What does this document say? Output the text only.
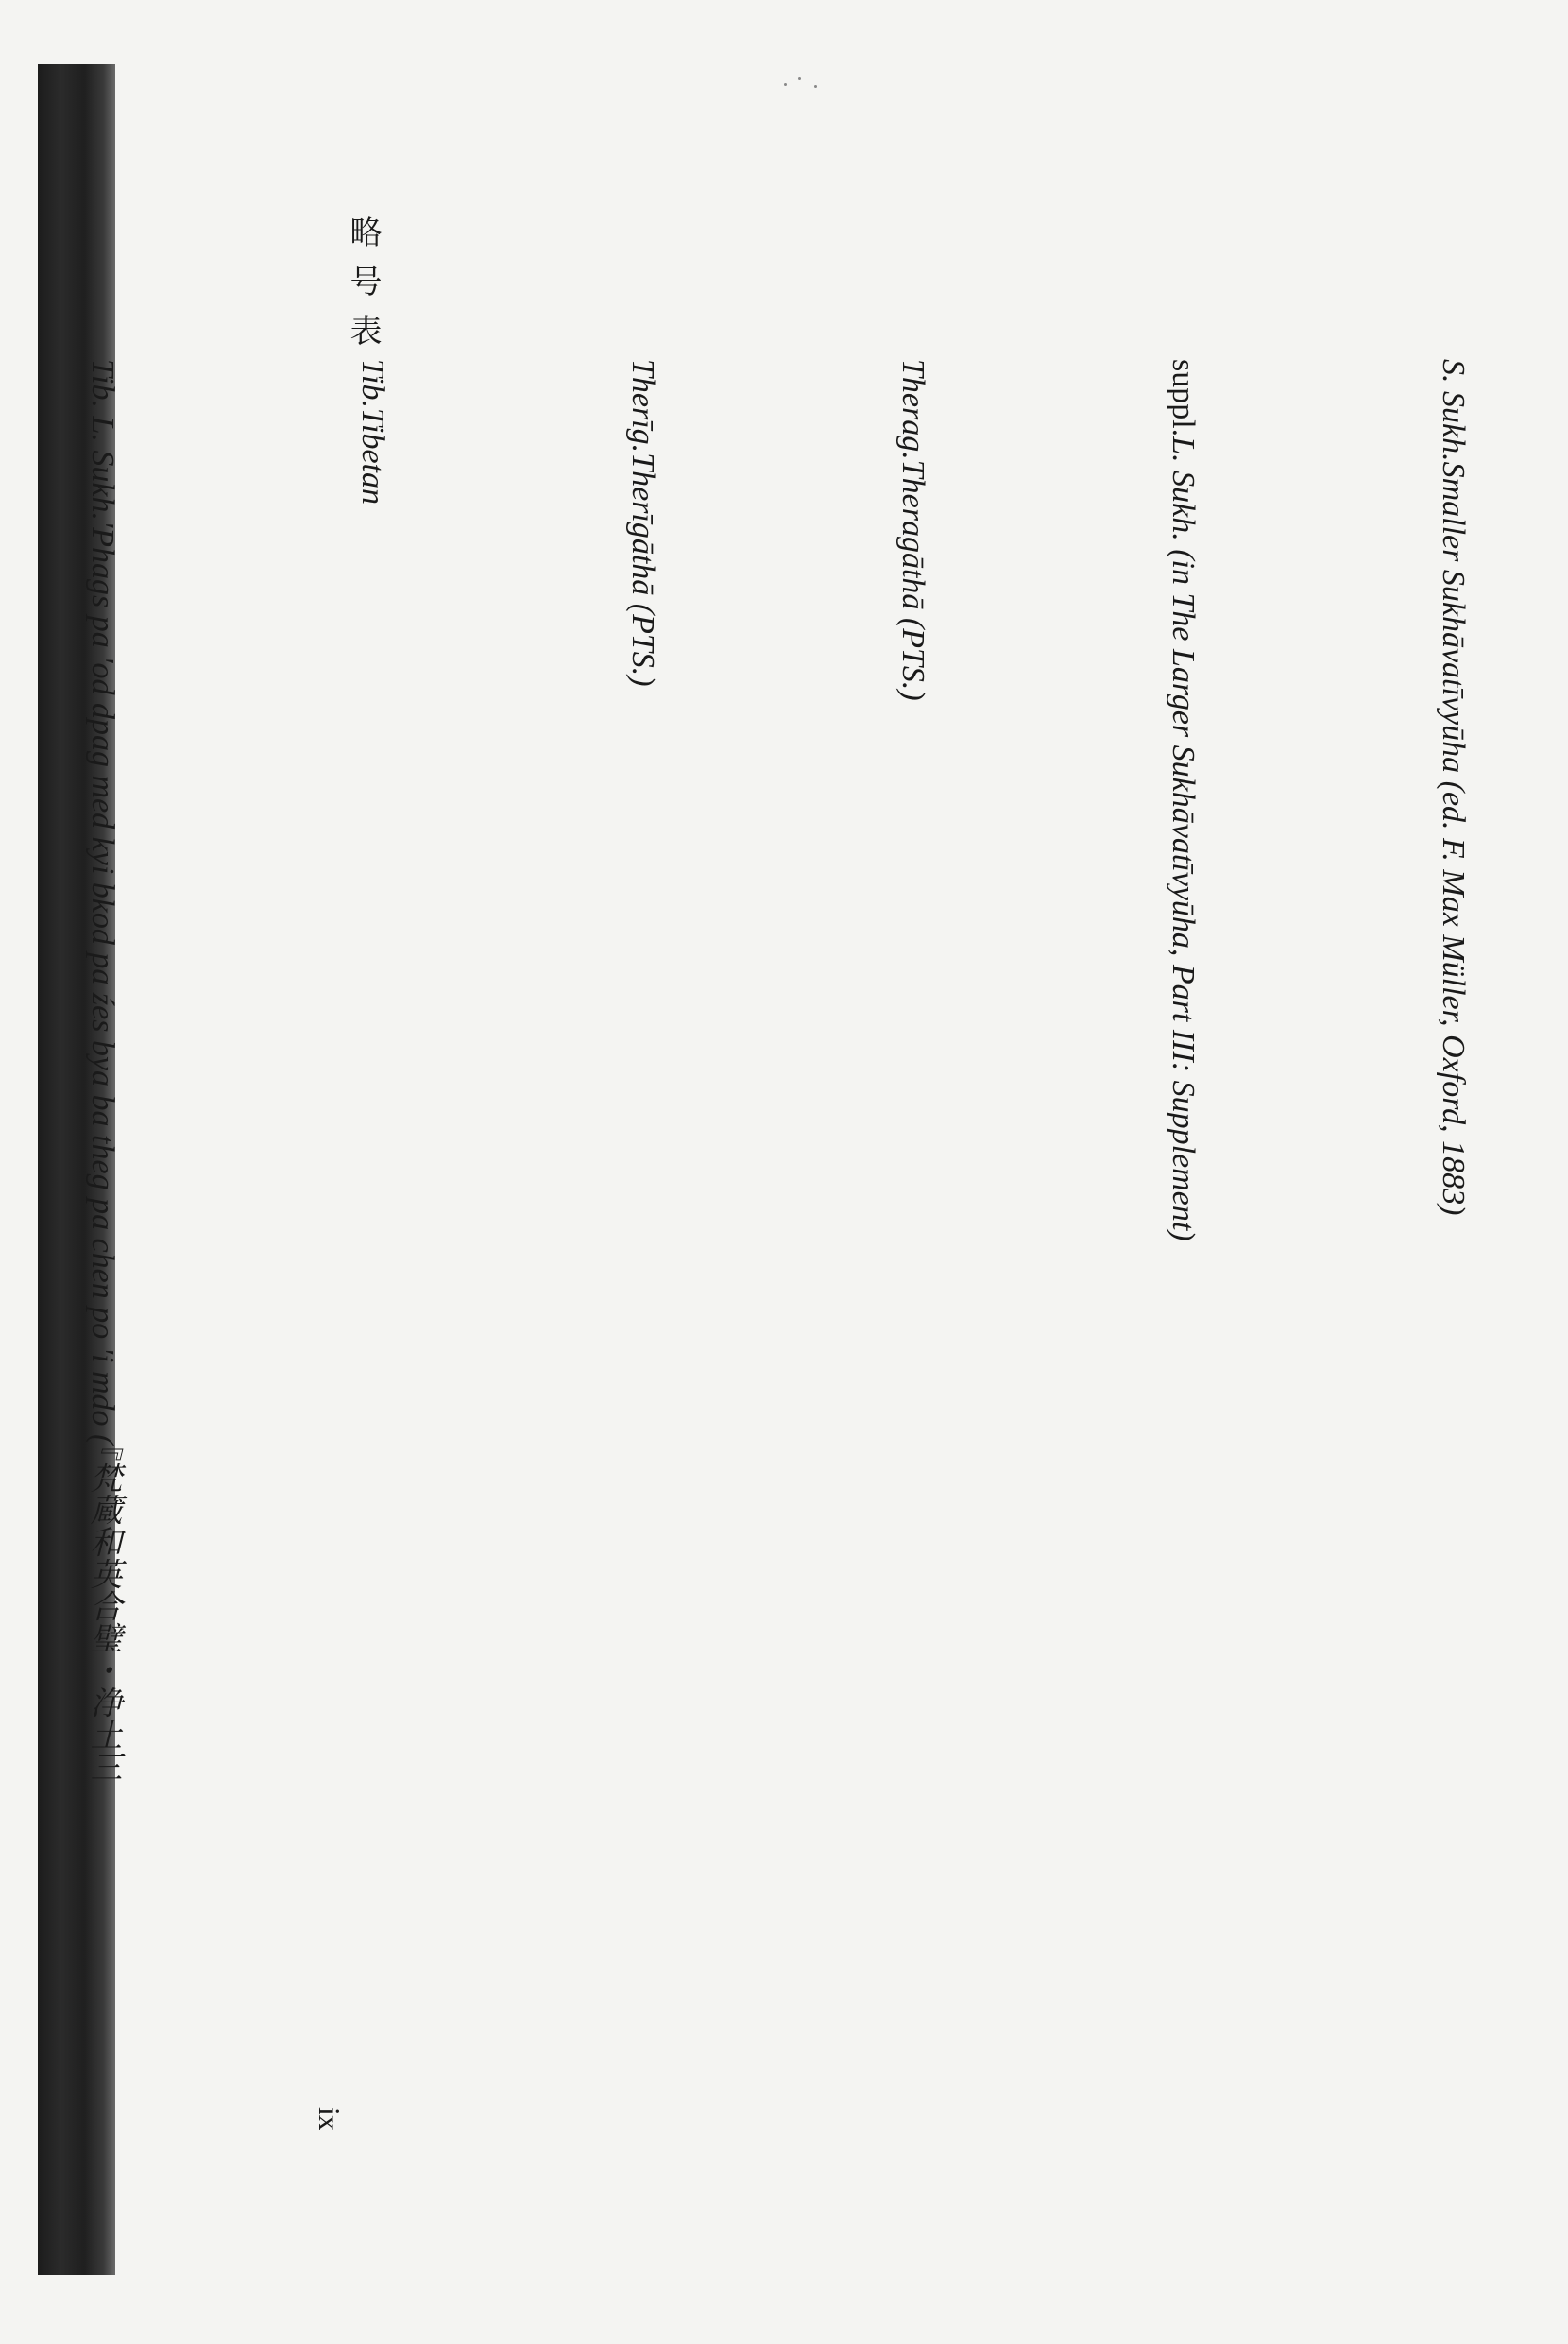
略号表
S. Sukh.Smaller Sukhāvatīvyūha (ed. F. Max Müller, Oxford, 1883)
suppl.L. Sukh. (in The Larger Sukhāvatīvyūha, Part III: Supplement)
Therag.Theragāthā (PTS.)
Therīg.Therīgāthā (PTS.)
Tib.Tibetan
Tib. L. Sukh.'Phags pa 'od dpag med kyi bkod pa źes bya ba theg pa chen po 'i mdo (『梵蔵和英合璧・浄土三
ix
